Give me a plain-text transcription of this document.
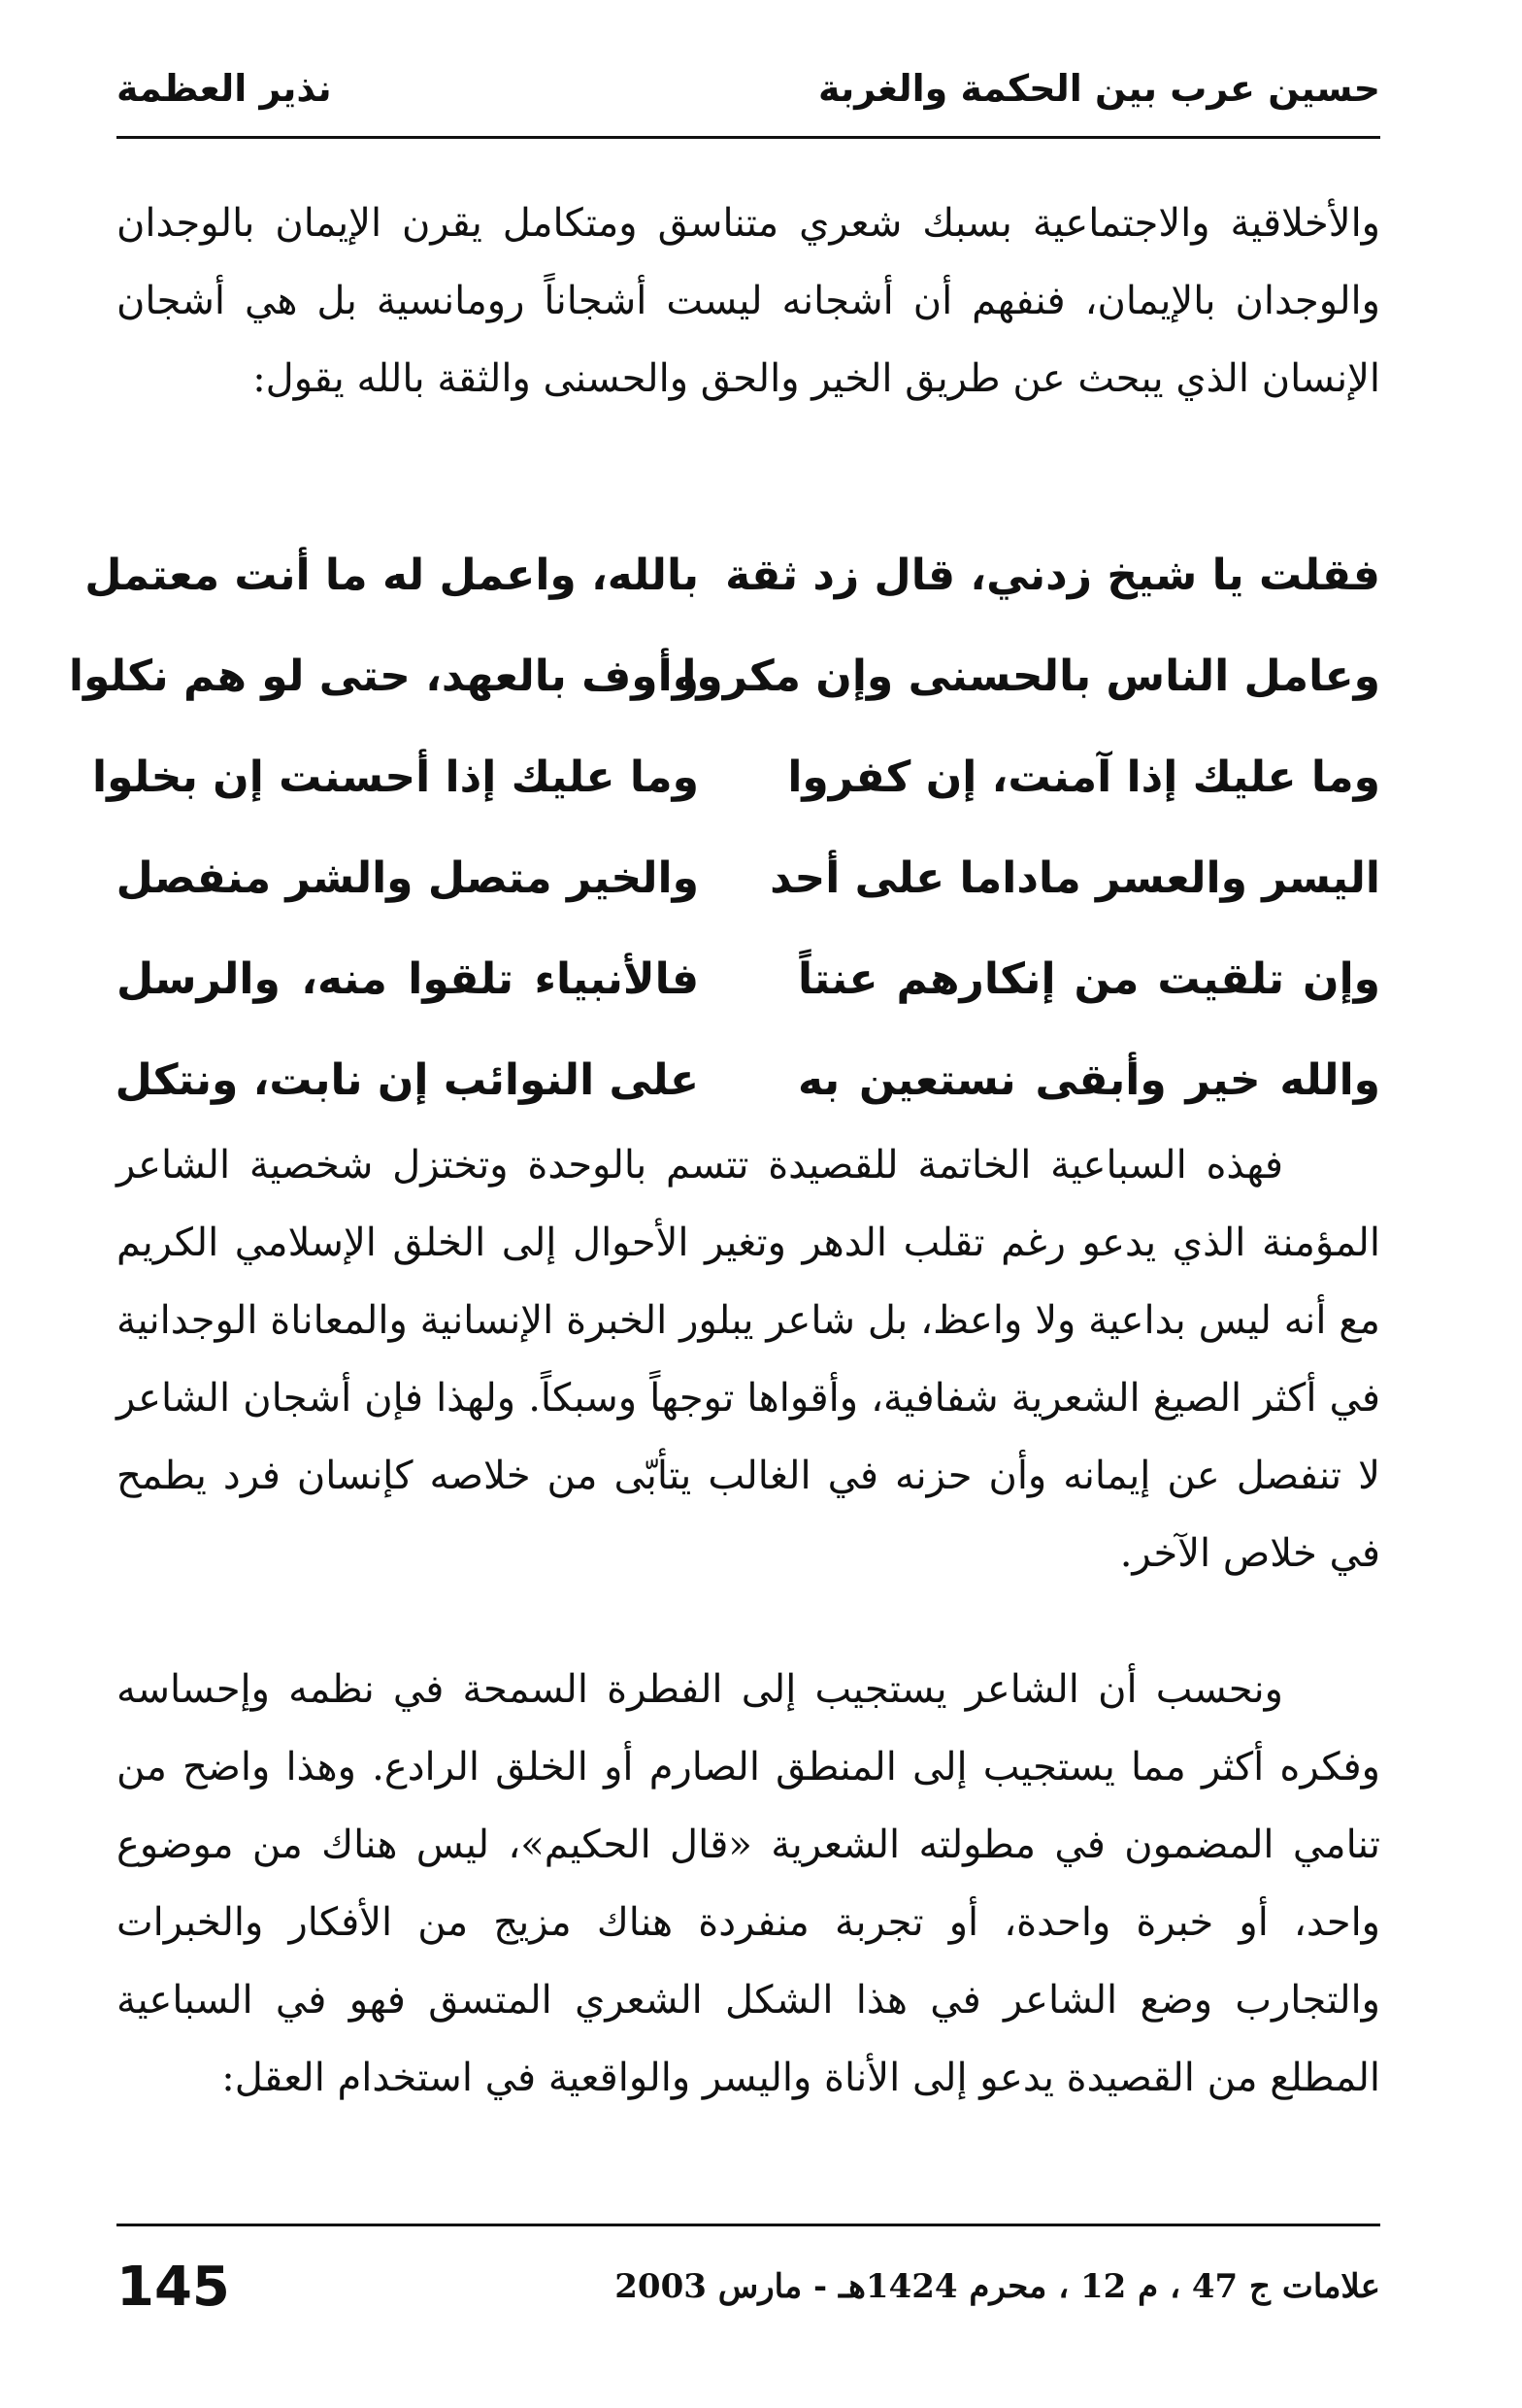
حسين عرب بين الحكمة والغربة
نذير العظمة

والأخلاقية والاجتماعية بسبك شعري متناسق ومتكامل يقرن الإيمان بالوجدان والوجدان بالإيمان، فنفهم أن أشجانه ليست أشجاناً رومانسية بل هي أشجان الإنسان الذي يبحث عن طريق الخير والحق والحسنى والثقة بالله يقول:

فقلت يا شيخ زدني، قال زد ثقة
بالله، واعمل له ما أنت معتمل
وعامل الناس بالحسنى وإن مكروا
وأوف بالعهد، حتى لو هم نكلوا
وما عليك إذا آمنت، إن كفروا
وما عليك إذا أحسنت إن بخلوا
اليسر والعسر ماداما على أحد
والخير متصل والشر منفصل
وإن تلقيت من إنكارهم عنتاً
فالأنبياء تلقوا منه، والرسل
والله خير وأبقى نستعين به
على النوائب إن نابت، ونتكل

فهذه السباعية الخاتمة للقصيدة تتسم بالوحدة وتختزل شخصية الشاعر المؤمنة الذي يدعو رغم تقلب الدهر وتغير الأحوال إلى الخلق الإسلامي الكريم مع أنه ليس بداعية ولا واعظ، بل شاعر يبلور الخبرة الإنسانية والمعاناة الوجدانية في أكثر الصيغ الشعرية شفافية، وأقواها توجهاً وسبكاً. ولهذا فإن أشجان الشاعر لا تنفصل عن إيمانه وأن حزنه في الغالب يتأبّى من خلاصه كإنسان فرد يطمح في خلاص الآخر.

ونحسب أن الشاعر يستجيب إلى الفطرة السمحة في نظمه وإحساسه وفكره أكثر مما يستجيب إلى المنطق الصارم أو الخلق الرادع. وهذا واضح من تنامي المضمون في مطولته الشعرية «قال الحكيم»، ليس هناك من موضوع واحد، أو خبرة واحدة، أو تجربة منفردة هناك مزيج من الأفكار والخبرات والتجارب وضع الشاعر في هذا الشكل الشعري المتسق فهو في السباعية المطلع من القصيدة يدعو إلى الأناة واليسر والواقعية في استخدام العقل:

علامات ج 47 ، م 12 ، محرم 1424هـ - مارس 2003
145
